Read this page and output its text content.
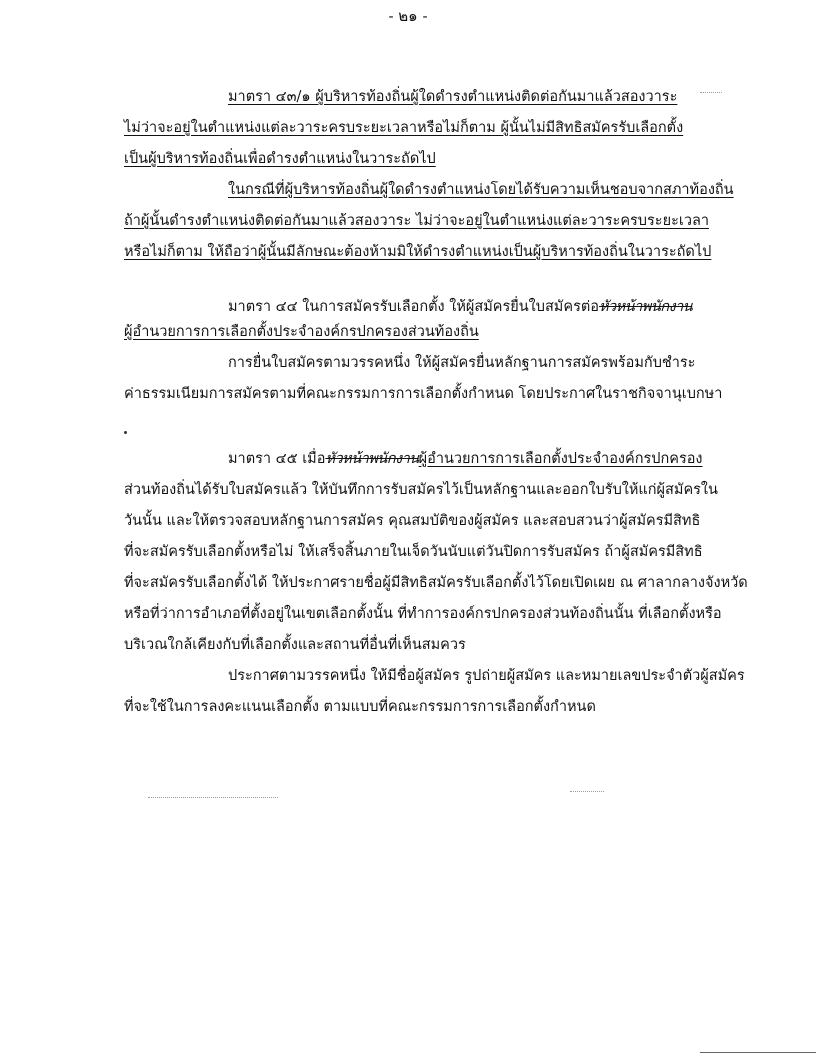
- ๒๑ -
มาตรา ๔๓/๑ ผู้บริหารท้องถิ่นผู้ใดดำรงตำแหน่งติดต่อกันมาแล้วสองวาระ
ไม่ว่าจะอยู่ในตำแหน่งแต่ละวาระครบระยะเวลาหรือไม่ก็ตาม ผู้นั้นไม่มีสิทธิสมัครรับเลือกตั้ง
เป็นผู้บริหารท้องถิ่นเพื่อดำรงตำแหน่งในวาระถัดไป
ในกรณีที่ผู้บริหารท้องถิ่นผู้ใดดำรงตำแหน่งโดยได้รับความเห็นชอบจากสภาท้องถิ่น
ถ้าผู้นั้นดำรงตำแหน่งติดต่อกันมาแล้วสองวาระ ไม่ว่าจะอยู่ในตำแหน่งแต่ละวาระครบระยะเวลา
หรือไม่ก็ตาม ให้ถือว่าผู้นั้นมีลักษณะต้องห้ามมิให้ดำรงตำแหน่งเป็นผู้บริหารท้องถิ่นในวาระถัดไป
มาตรา ๔๔ ในการสมัครรับเลือกตั้ง ให้ผู้สมัครยื่นใบสมัครต่อหัวหน้าพนักงาน
ผู้อำนวยการการเลือกตั้งประจำองค์กรปกครองส่วนท้องถิ่น
การยื่นใบสมัครตามวรรคหนึ่ง ให้ผู้สมัครยื่นหลักฐานการสมัครพร้อมกับชำระ
ค่าธรรมเนียมการสมัครตามที่คณะกรรมการการเลือกตั้งกำหนด โดยประกาศในราชกิจจานุเบกษา
มาตรา ๔๕ เมื่อหัวหน้าพนักงานผู้อำนวยการการเลือกตั้งประจำองค์กรปกครอง
ส่วนท้องถิ่นได้รับใบสมัครแล้ว ให้บันทึกการรับสมัครไว้เป็นหลักฐานและออกใบรับให้แก่ผู้สมัครใน
วันนั้น และให้ตรวจสอบหลักฐานการสมัคร คุณสมบัติของผู้สมัคร และสอบสวนว่าผู้สมัครมีสิทธิ
ที่จะสมัครรับเลือกตั้งหรือไม่ ให้เสร็จสิ้นภายในเจ็ดวันนับแต่วันปิดการรับสมัคร ถ้าผู้สมัครมีสิทธิ
ที่จะสมัครรับเลือกตั้งได้ ให้ประกาศรายชื่อผู้มีสิทธิสมัครรับเลือกตั้งไว้โดยเปิดเผย ณ ศาลากลางจังหวัด
หรือที่ว่าการอำเภอที่ตั้งอยู่ในเขตเลือกตั้งนั้น ที่ทำการองค์กรปกครองส่วนท้องถิ่นนั้น ที่เลือกตั้งหรือ
บริเวณใกล้เคียงกับที่เลือกตั้งและสถานที่อื่นที่เห็นสมควร
ประกาศตามวรรคหนึ่ง ให้มีชื่อผู้สมัคร รูปถ่ายผู้สมัคร และหมายเลขประจำตัวผู้สมัคร
ที่จะใช้ในการลงคะแนนเลือกตั้ง ตามแบบที่คณะกรรมการการเลือกตั้งกำหนด
